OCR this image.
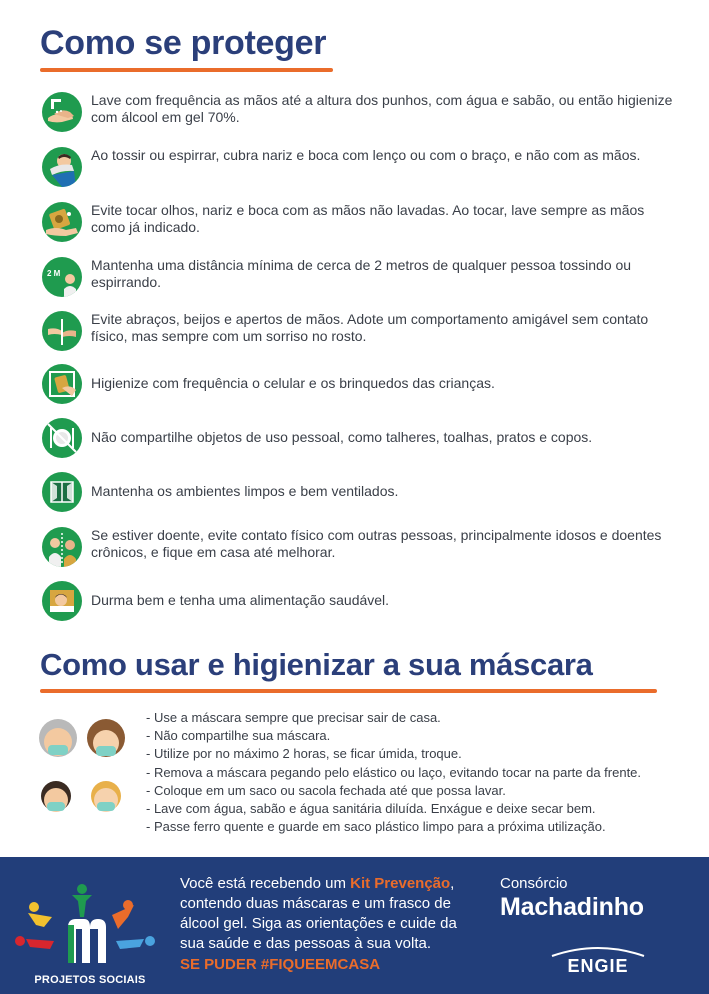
Como se proteger
Lave com frequência as mãos até a altura dos punhos, com água e sabão, ou então higienize com álcool em gel 70%.
Ao tossir ou espirrar, cubra nariz e boca com lenço ou com o braço, e não com as mãos.
Evite tocar olhos, nariz e boca com as mãos não lavadas. Ao tocar, lave sempre as mãos como já indicado.
2 M
Mantenha uma distância mínima de cerca de 2 metros de qualquer pessoa tossindo ou espirrando.
Evite abraços, beijos e apertos de mãos. Adote um comportamento amigável sem contato físico, mas sempre com um sorriso no rosto.
Higienize com frequência o celular e os brinquedos das crianças.
Não compartilhe objetos de uso pessoal, como talheres, toalhas, pratos e copos.
Mantenha os ambientes limpos e bem ventilados.
Se estiver doente, evite contato físico com outras pessoas, principalmente idosos e doentes crônicos, e fique em casa até melhorar.
Durma bem e tenha uma alimentação saudável.
Como usar e higienizar a sua máscara
- Use a máscara sempre que precisar sair de casa.
- Não compartilhe sua máscara.
- Utilize por no máximo 2 horas, se ficar úmida, troque.
- Remova a máscara pegando pelo elástico ou laço, evitando tocar na parte da frente.
- Coloque em um saco ou sacola fechada até que possa lavar.
- Lave com água, sabão e água sanitária diluída. Enxágue e deixe secar bem.
- Passe ferro quente e guarde em saco plástico limpo para a próxima utilização.
PROJETOS SOCIAIS
Você está recebendo um Kit Prevenção, contendo duas máscaras e um frasco de álcool gel. Siga as orientações e cuide da sua saúde e das pessoas à sua volta.
SE PUDER #FIQUEEMCASA
Consórcio
Machadinho
ENGIE
